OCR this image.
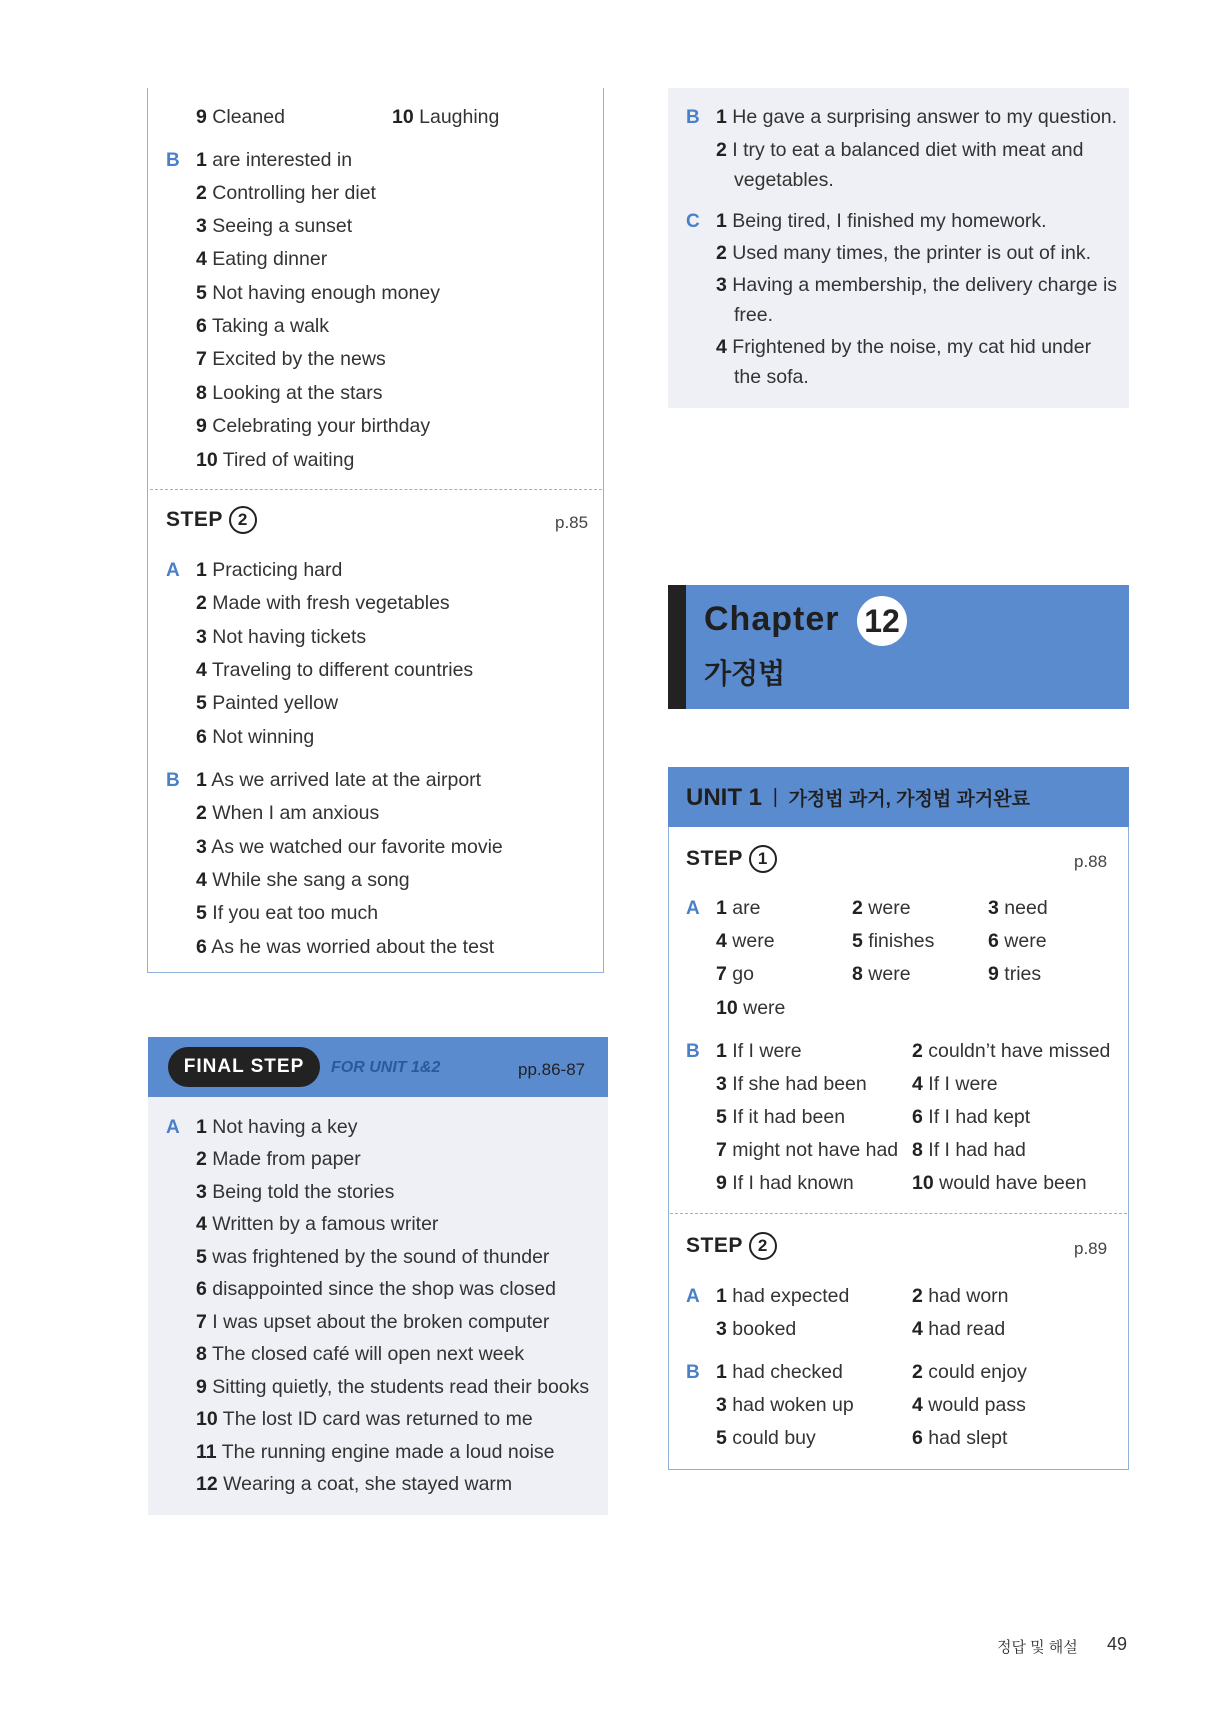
9 Cleaned	10 Laughing
B 1 are interested in
2 Controlling her diet
3 Seeing a sunset
4 Eating dinner
5 Not having enough money
6 Taking a walk
7 Excited by the news
8 Looking at the stars
9 Celebrating your birthday
10 Tired of waiting
STEP 2	p.85
A 1 Practicing hard
2 Made with fresh vegetables
3 Not having tickets
4 Traveling to different countries
5 Painted yellow
6 Not winning
B 1 As we arrived late at the airport
2 When I am anxious
3 As we watched our favorite movie
4 While she sang a song
5 If you eat too much
6 As he was worried about the test
FINAL STEP	FOR UNIT 1&2	pp.86-87
A 1 Not having a key
2 Made from paper
3 Being told the stories
4 Written by a famous writer
5 was frightened by the sound of thunder
6 disappointed since the shop was closed
7 I was upset about the broken computer
8 The closed café will open next week
9 Sitting quietly, the students read their books
10 The lost ID card was returned to me
11 The running engine made a loud noise
12 Wearing a coat, she stayed warm
B 1 He gave a surprising answer to my question.
2 I try to eat a balanced diet with meat and
vegetables.
C 1 Being tired, I finished my homework.
2 Used many times, the printer is out of ink.
3 Having a membership, the delivery charge is
free.
4 Frightened by the noise, my cat hid under
the sofa.
Chapter 12
가정법
UNIT 1 | 가정법 과거, 가정법 과거완료
STEP 1	p.88
A 1 are	2 were	3 need
4 were	5 finishes	6 were
7 go	8 were	9 tries
10 were
B 1 If I were	2 couldn’t have missed
3 If she had been 4 If I were
5 If it had been	6 If I had kept
7 might not have had 8 If I had had
9 If I had known	10 would have been
STEP 2	p.89
A 1 had expected	2 had worn
3 booked	4 had read
B 1 had checked	2 could enjoy
3 had woken up	4 would pass
5 could buy	6 had slept
정답 및 해설 49
